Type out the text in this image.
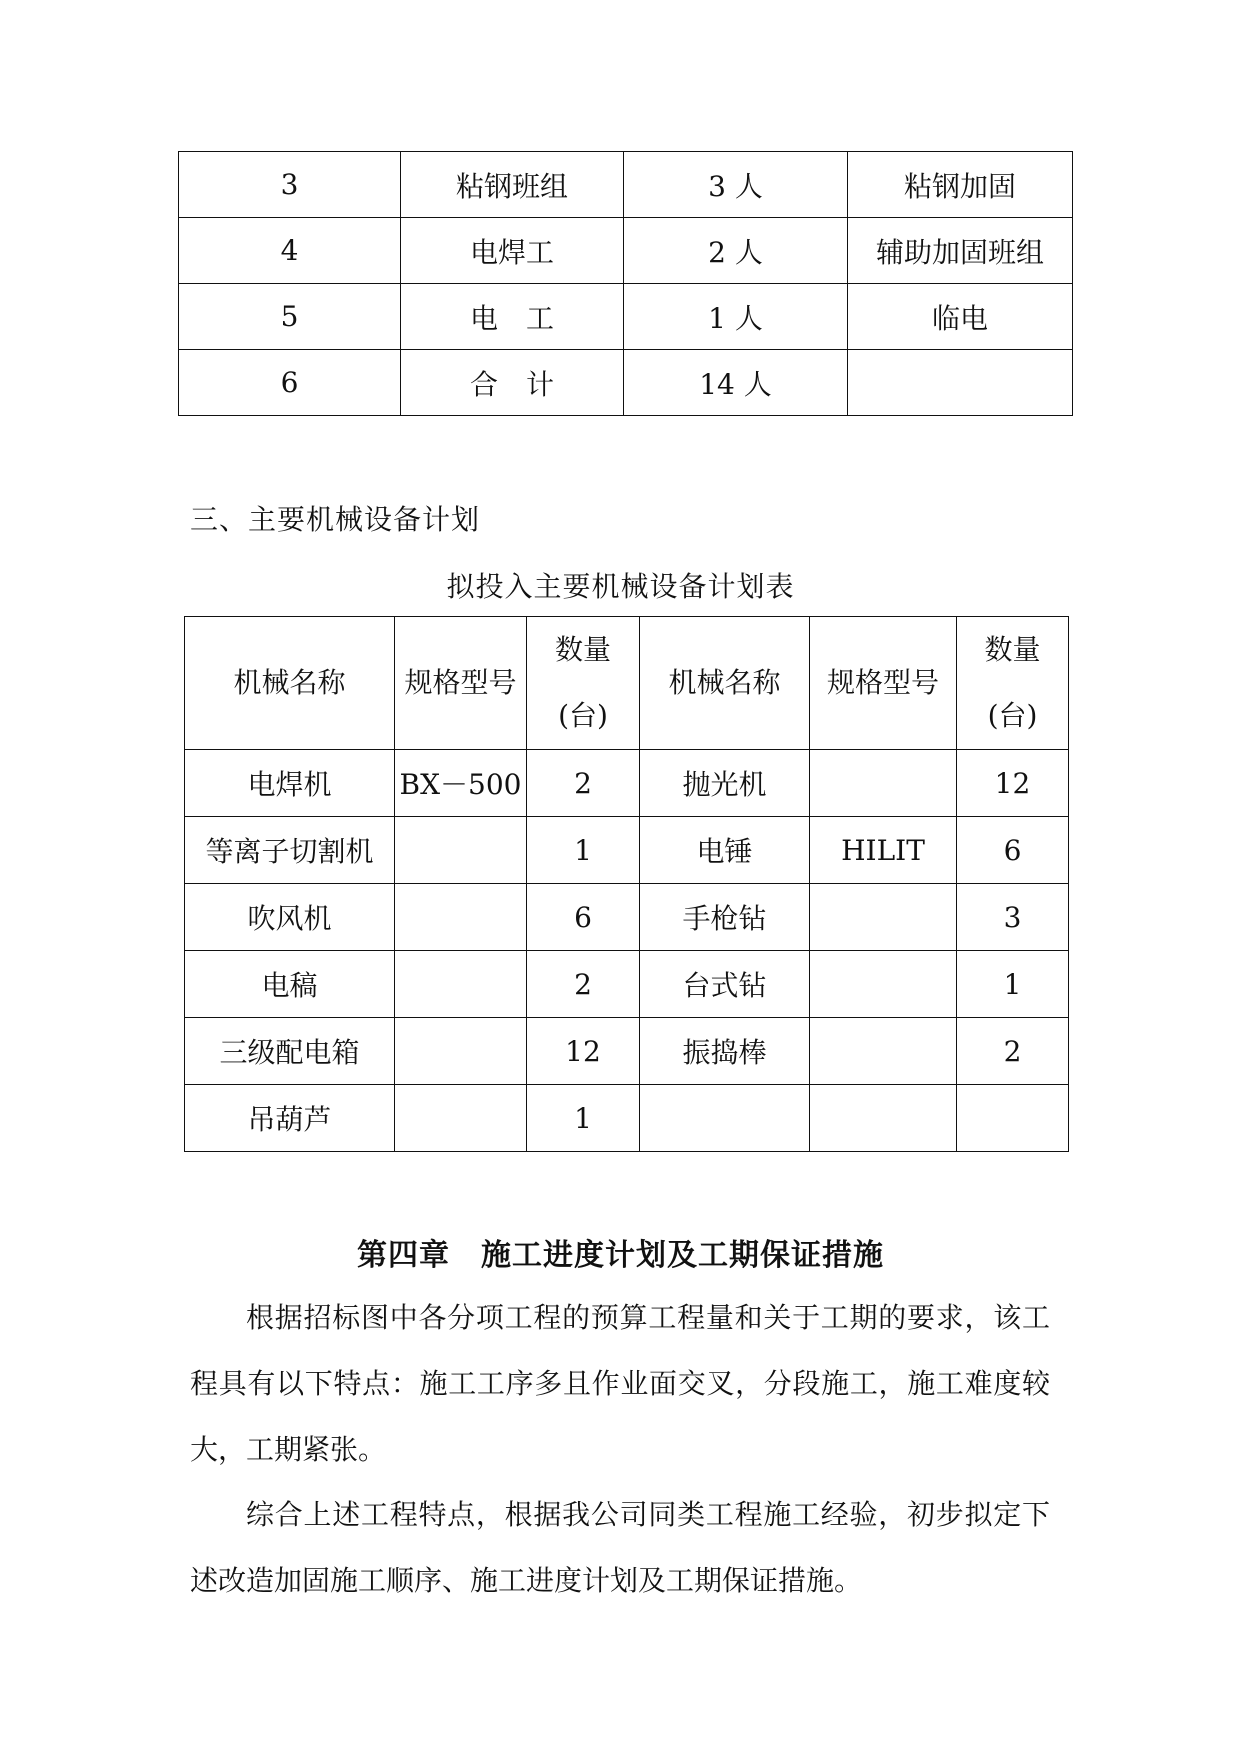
3	粘钢班组	3 人	粘钢加固
4	电焊工	2 人	辅助加固班组
5	电　工	1 人	临电
6	合　计	14 人	
三、主要机械设备计划
拟投入主要机械设备计划表
机械名称	规格型号	数量(台)	机械名称	规格型号	数量(台)
电焊机	BX－500	2	抛光机		12
等离子切割机		1	电锤	HILIT	6
吹风机		6	手枪钻		3
电稿		2	台式钻		1
三级配电箱		12	振捣棒		2
吊葫芦		1			
第四章　施工进度计划及工期保证措施

根据招标图中各分项工程的预算工程量和关于工期的要求，该工程具有以下特点：施工工序多且作业面交叉，分段施工，施工难度较大，工期紧张。

综合上述工程特点，根据我公司同类工程施工经验，初步拟定下述改造加固施工顺序、施工进度计划及工期保证措施。
